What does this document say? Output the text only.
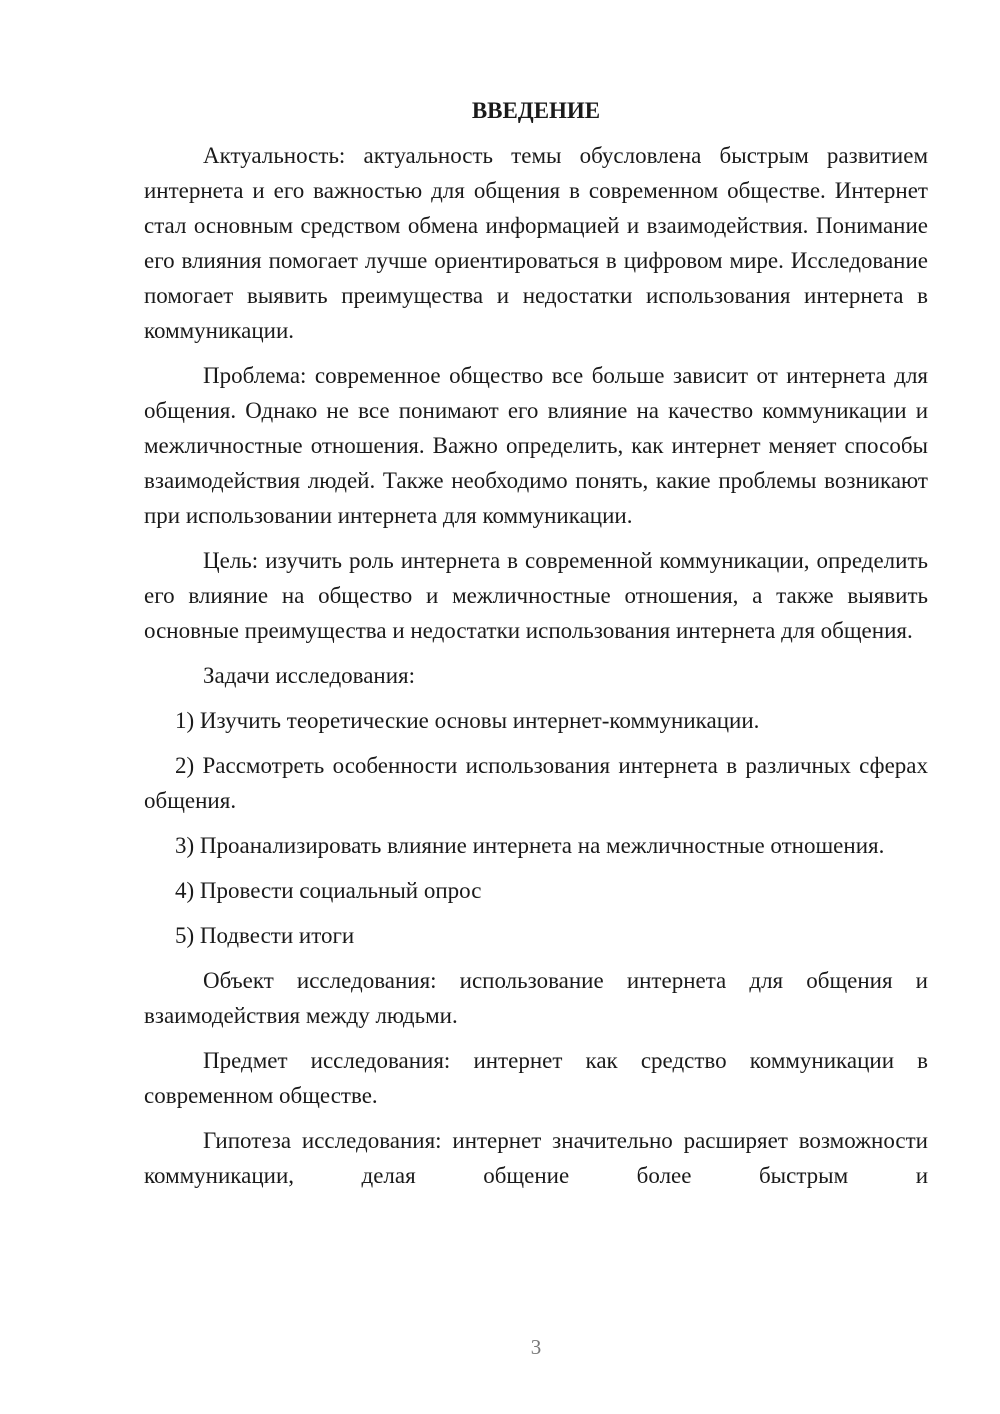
ВВЕДЕНИЕ

Актуальность: актуальность темы обусловлена быстрым развитием интернета и его важностью для общения в современном обществе. Интернет стал основным средством обмена информацией и взаимодействия. Понимание его влияния помогает лучше ориентироваться в цифровом мире. Исследование помогает выявить преимущества и недостатки использования интернета в коммуникации.

Проблема: современное общество все больше зависит от интернета для общения. Однако не все понимают его влияние на качество коммуникации и межличностные отношения. Важно определить, как интернет меняет способы взаимодействия людей. Также необходимо понять, какие проблемы возникают при использовании интернета для коммуникации.

Цель: изучить роль интернета в современной коммуникации, определить его влияние на общество и межличностные отношения, а также выявить основные преимущества и недостатки использования интернета для общения.

Задачи исследования:

1) Изучить теоретические основы интернет-коммуникации.

2) Рассмотреть особенности использования интернета в различных сферах общения.

3) Проанализировать влияние интернета на межличностные отношения.

4) Провести социальный опрос

5) Подвести итоги

Объект исследования: использование интернета для общения и взаимодействия между людьми.

Предмет исследования: интернет как средство коммуникации в современном обществе.

Гипотеза исследования: интернет значительно расширяет возможности коммуникации, делая общение более быстрым и

3
